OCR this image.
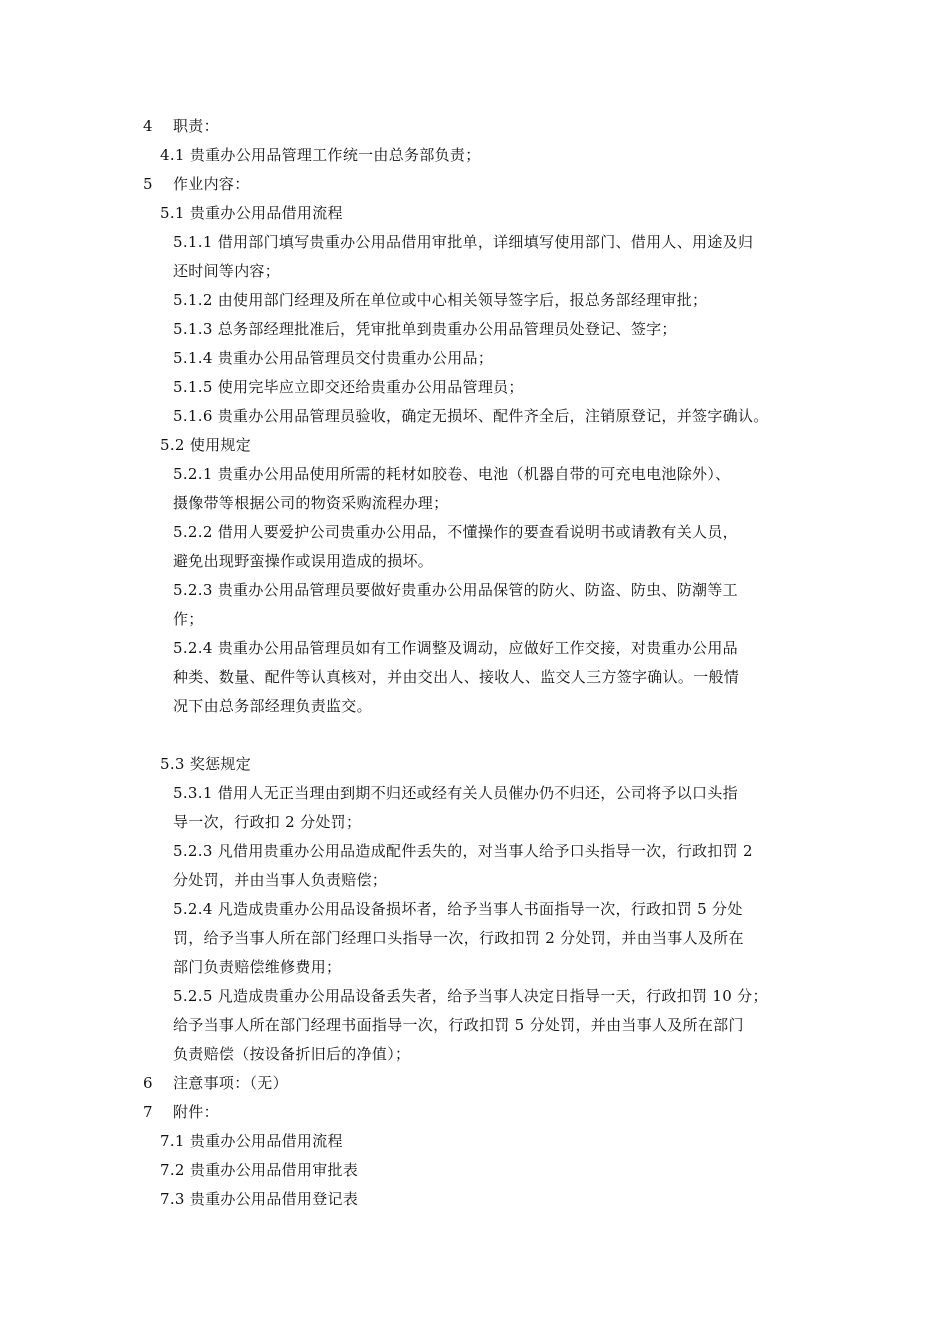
4 职责：
4.1 贵重办公用品管理工作统一由总务部负责；
5 作业内容：
5.1 贵重办公用品借用流程
5.1.1 借用部门填写贵重办公用品借用审批单，详细填写使用部门、借用人、用途及归
还时间等内容；
5.1.2 由使用部门经理及所在单位或中心相关领导签字后，报总务部经理审批；
5.1.3 总务部经理批准后，凭审批单到贵重办公用品管理员处登记、签字；
5.1.4 贵重办公用品管理员交付贵重办公用品；
5.1.5 使用完毕应立即交还给贵重办公用品管理员；
5.1.6 贵重办公用品管理员验收，确定无损坏、配件齐全后，注销原登记，并签字确认。
5.2 使用规定
5.2.1 贵重办公用品使用所需的耗材如胶卷、电池（机器自带的可充电电池除外）、
摄像带等根据公司的物资采购流程办理；
5.2.2 借用人要爱护公司贵重办公用品，不懂操作的要查看说明书或请教有关人员，
避免出现野蛮操作或误用造成的损坏。
5.2.3 贵重办公用品管理员要做好贵重办公用品保管的防火、防盗、防虫、防潮等工
作；
5.2.4 贵重办公用品管理员如有工作调整及调动，应做好工作交接，对贵重办公用品
种类、数量、配件等认真核对，并由交出人、接收人、监交人三方签字确认。一般情
况下由总务部经理负责监交。
5.3 奖惩规定
5.3.1 借用人无正当理由到期不归还或经有关人员催办仍不归还，公司将予以口头指
导一次，行政扣 2 分处罚；
5.2.3 凡借用贵重办公用品造成配件丢失的，对当事人给予口头指导一次，行政扣罚 2
分处罚，并由当事人负责赔偿；
5.2.4 凡造成贵重办公用品设备损坏者，给予当事人书面指导一次，行政扣罚 5 分处
罚，给予当事人所在部门经理口头指导一次，行政扣罚 2 分处罚，并由当事人及所在
部门负责赔偿维修费用；
5.2.5 凡造成贵重办公用品设备丢失者，给予当事人决定日指导一天，行政扣罚 10 分；
给予当事人所在部门经理书面指导一次，行政扣罚 5 分处罚，并由当事人及所在部门
负责赔偿（按设备折旧后的净值）；
6 注意事项：（无）
7 附件：
7.1 贵重办公用品借用流程
7.2 贵重办公用品借用审批表
7.3 贵重办公用品借用登记表
